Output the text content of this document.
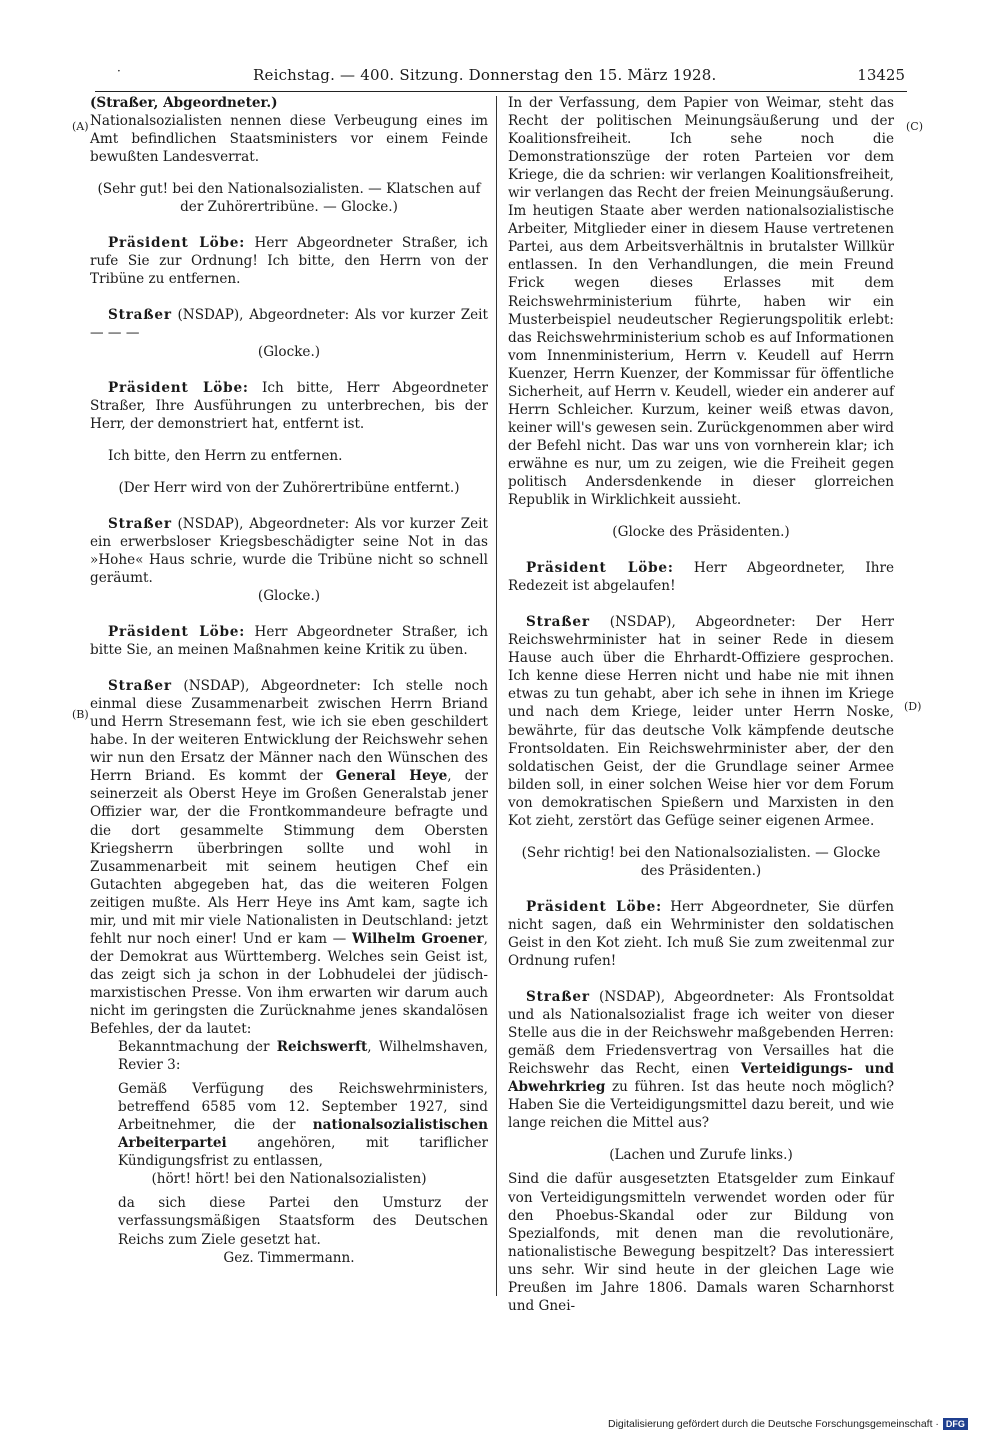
·	Reichstag. — 400. Sitzung. Donnerstag den 15. März 1928.	13425
(A)
(B)
(C)
(D)

(Straßer, Abgeordneter.)

Nationalsozialisten nennen diese Verbeugung eines im Amt befindlichen Staatsministers vor einem Feinde bewußten Landesverrat.

(Sehr gut! bei den Nationalsozialisten. — Klatschen auf der Zuhörertribüne. — Glocke.)

Präsident Löbe: Herr Abgeordneter Straßer, ich rufe Sie zur Ordnung! Ich bitte, den Herrn von der Tribüne zu entfernen.

Straßer (NSDAP), Abgeordneter: Als vor kurzer Zeit — — —

(Glocke.)

Präsident Löbe: Ich bitte, Herr Abgeordneter Straßer, Ihre Ausführungen zu unterbrechen, bis der Herr, der demonstriert hat, entfernt ist.

Ich bitte, den Herrn zu entfernen.

(Der Herr wird von der Zuhörertribüne entfernt.)

Straßer (NSDAP), Abgeordneter: Als vor kurzer Zeit ein erwerbsloser Kriegsbeschädigter seine Not in das »Hohe« Haus schrie, wurde die Tribüne nicht so schnell geräumt.

(Glocke.)

Präsident Löbe: Herr Abgeordneter Straßer, ich bitte Sie, an meinen Maßnahmen keine Kritik zu üben.

Straßer (NSDAP), Abgeordneter: Ich stelle noch einmal diese Zusammenarbeit zwischen Herrn Briand und Herrn Stresemann fest, wie ich sie eben geschildert habe. In der weiteren Entwicklung der Reichswehr sehen wir nun den Ersatz der Männer nach den Wünschen des Herrn Briand. Es kommt der General Heye, der seinerzeit als Oberst Heye im Großen Generalstab jener Offizier war, der die Frontkommandeure befragte und die dort gesammelte Stimmung dem Obersten Kriegsherrn überbringen sollte und wohl in Zusammenarbeit mit seinem heutigen Chef ein Gutachten abgegeben hat, das die weiteren Folgen zeitigen mußte. Als Herr Heye ins Amt kam, sagte ich mir, und mit mir viele Nationalisten in Deutschland: jetzt fehlt nur noch einer! Und er kam — Wilhelm Groener, der Demokrat aus Württemberg. Welches sein Geist ist, das zeigt sich ja schon in der Lobhudelei der jüdisch-marxistischen Presse. Von ihm erwarten wir darum auch nicht im geringsten die Zurücknahme jenes skandalösen Befehles, der da lautet:

Bekanntmachung der Reichswerft, Wilhelmshaven, Revier 3:

Gemäß Verfügung des Reichswehrministers, betreffend 6585 vom 12. September 1927, sind Arbeitnehmer, die der nationalsozialistischen Arbeiterpartei angehören, mit tariflicher Kündigungsfrist zu entlassen,

(hört! hört! bei den Nationalsozialisten)

da sich diese Partei den Umsturz der verfassungsmäßigen Staatsform des Deutschen Reichs zum Ziele gesetzt hat.

Gez. Timmermann.

In der Verfassung, dem Papier von Weimar, steht das Recht der politischen Meinungsäußerung und der Koalitionsfreiheit. Ich sehe noch die Demonstrationszüge der roten Parteien vor dem Kriege, die da schrien: wir verlangen Koalitionsfreiheit, wir verlangen das Recht der freien Meinungsäußerung. Im heutigen Staate aber werden nationalsozialistische Arbeiter, Mitglieder einer in diesem Hause vertretenen Partei, aus dem Arbeitsverhältnis in brutalster Willkür entlassen. In den Verhandlungen, die mein Freund Frick wegen dieses Erlasses mit dem Reichswehrministerium führte, haben wir ein Musterbeispiel neudeutscher Regierungspolitik erlebt: das Reichswehrministerium schob es auf Informationen vom Innenministerium, Herrn v. Keudell auf Herrn Kuenzer, Herrn Kuenzer, der Kommissar für öffentliche Sicherheit, auf Herrn v. Keudell, wieder ein anderer auf Herrn Schleicher. Kurzum, keiner weiß etwas davon, keiner will's gewesen sein. Zurückgenommen aber wird der Befehl nicht. Das war uns von vornherein klar; ich erwähne es nur, um zu zeigen, wie die Freiheit gegen politisch Andersdenkende in dieser glorreichen Republik in Wirklichkeit aussieht.

(Glocke des Präsidenten.)

Präsident Löbe: Herr Abgeordneter, Ihre Redezeit ist abgelaufen!

Straßer (NSDAP), Abgeordneter: Der Herr Reichswehrminister hat in seiner Rede in diesem Hause auch über die Ehrhardt-Offiziere gesprochen. Ich kenne diese Herren nicht und habe nie mit ihnen etwas zu tun gehabt, aber ich sehe in ihnen im Kriege und nach dem Kriege, leider unter Herrn Noske, bewährte, für das deutsche Volk kämpfende deutsche Frontsoldaten. Ein Reichswehrminister aber, der den soldatischen Geist, der die Grundlage seiner Armee bilden soll, in einer solchen Weise hier vor dem Forum von demokratischen Spießern und Marxisten in den Kot zieht, zerstört das Gefüge seiner eigenen Armee.

(Sehr richtig! bei den Nationalsozialisten. — Glocke des Präsidenten.)

Präsident Löbe: Herr Abgeordneter, Sie dürfen nicht sagen, daß ein Wehrminister den soldatischen Geist in den Kot zieht. Ich muß Sie zum zweitenmal zur Ordnung rufen!

Straßer (NSDAP), Abgeordneter: Als Frontsoldat und als Nationalsozialist frage ich weiter von dieser Stelle aus die in der Reichswehr maßgebenden Herren: gemäß dem Friedensvertrag von Versailles hat die Reichswehr das Recht, einen Verteidigungs- und Abwehrkrieg zu führen. Ist das heute noch möglich? Haben Sie die Verteidigungsmittel dazu bereit, und wie lange reichen die Mittel aus?

(Lachen und Zurufe links.)

Sind die dafür ausgesetzten Etatsgelder zum Einkauf von Verteidigungsmitteln verwendet worden oder für den Phoebus-Skandal oder zur Bildung von Spezialfonds, mit denen man die revolutionäre, nationalistische Bewegung bespitzelt? Das interessiert uns sehr. Wir sind heute in der gleichen Lage wie Preußen im Jahre 1806. Damals waren Scharnhorst und Gnei-

Digitalisierung gefördert durch die Deutsche Forschungsgemeinschaft · DFG
